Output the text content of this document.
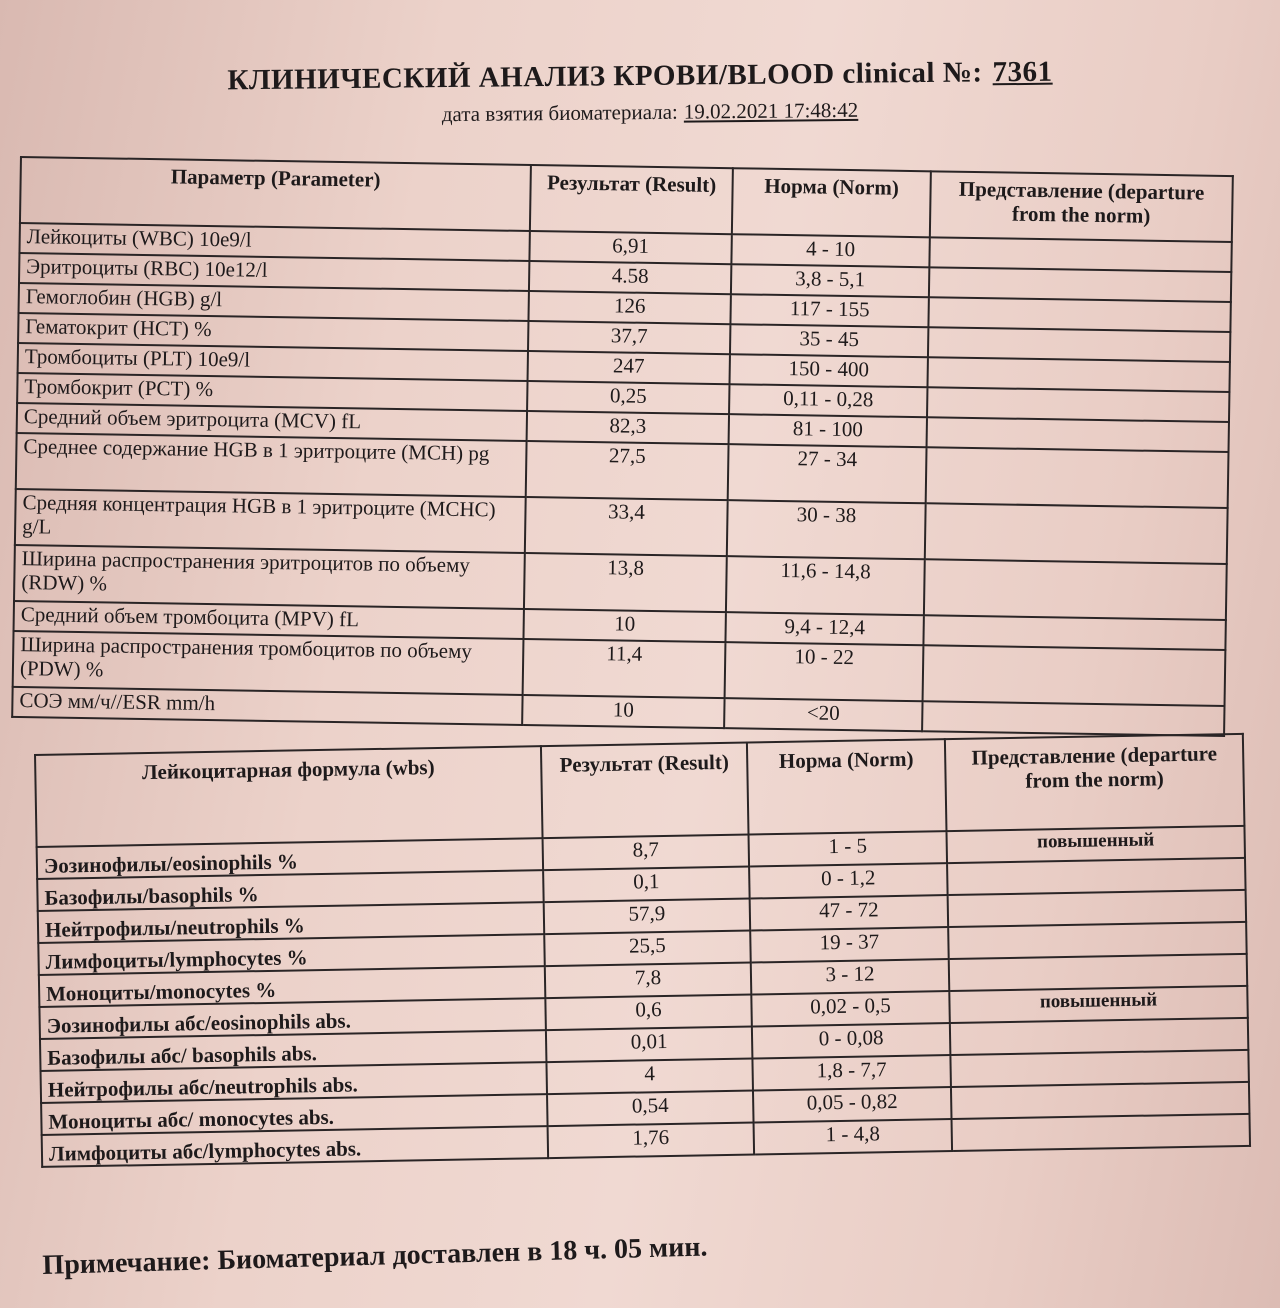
КЛИНИЧЕСКИЙ АНАЛИЗ КРОВИ/BLOOD clinical №: 7361
дата взятия биоматериала: 19.02.2021 17:48:42
Параметр (Parameter)	Результат (Result)	Норма (Norm)	Представление (departure from the norm)
Лейкоциты (WBC) 10e9/l	6,91	4 - 10	
Эритроциты (RBC) 10e12/l	4.58	3,8 - 5,1	
Гемоглобин (HGB) g/l	126	117 - 155	
Гематокрит (HCT) %	37,7	35 - 45	
Тромбоциты (PLT) 10e9/l	247	150 - 400	
Тромбокрит (PCT) %	0,25	0,11 - 0,28	
Средний объем эритроцита (MCV) fL	82,3	81 - 100	
Среднее содержание HGB в 1 эритроците (MCH) pg	27,5	27 - 34	
Средняя концентрация HGB в 1 эритроците (MCHC) g/L	33,4	30 - 38	
Ширина распространения эритроцитов по объему (RDW) %	13,8	11,6 - 14,8	
Средний объем тромбоцита (MPV) fL	10	9,4 - 12,4	
Ширина распространения тромбоцитов по объему (PDW) %	11,4	10 - 22	
СОЭ мм/ч//ESR mm/h	10	<20	
Лейкоцитарная формула (wbs)	Результат (Result)	Норма (Norm)	Представление (departure from the norm)
Эозинофилы/eosinophils %	8,7	1 - 5	повышенный
Базофилы/basophils %	0,1	0 - 1,2	
Нейтрофилы/neutrophils %	57,9	47 - 72	
Лимфоциты/lymphocytes %	25,5	19 - 37	
Моноциты/monocytes %	7,8	3 - 12	
Эозинофилы абс/eosinophils abs.	0,6	0,02 - 0,5	повышенный
Базофилы абс/ basophils abs.	0,01	0 - 0,08	
Нейтрофилы абс/neutrophils abs.	4	1,8 - 7,7	
Моноциты абс/ monocytes abs.	0,54	0,05 - 0,82	
Лимфоциты абс/lymphocytes abs.	1,76	1 - 4,8	
Примечание: Биоматериал доставлен в 18 ч. 05 мин.
